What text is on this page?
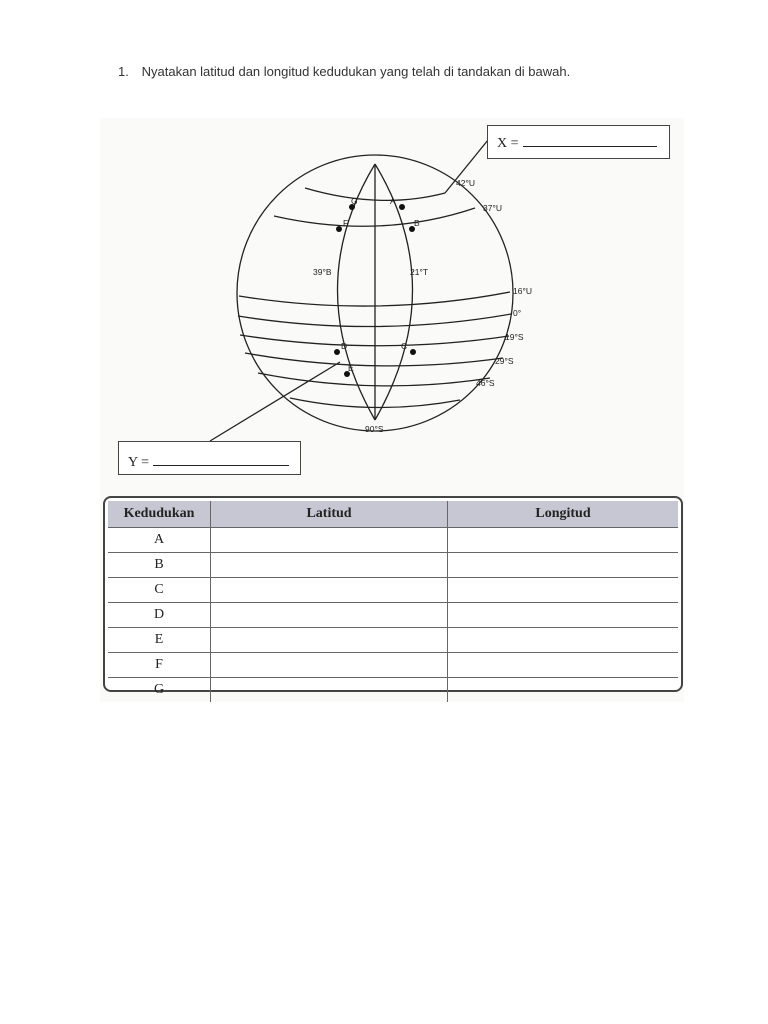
1. Nyatakan latitud dan longitud kedudukan yang telah di tandakan di bawah.
G	A
F	B
D	C
E
42°U
37°U
16°U
0°
19°S
29°S
46°S
90°S
39°B	21°T
X =
Y =
Kedudukan	Latitud	Longitud
A		
B		
C		
D		
E		
F		
G		
